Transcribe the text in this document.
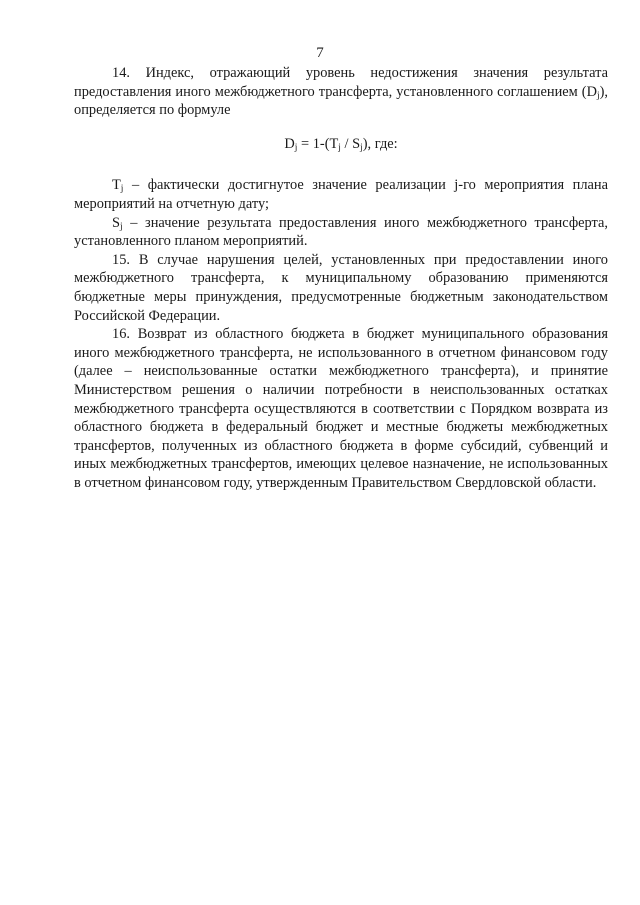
7

14. Индекс, отражающий уровень недостижения значения результата предоставления иного межбюджетного трансферта, установленного соглашением $(D_j)$, определяется по формуле

$D_j = 1-(T_j / S_j)$, где:

$T_j$ – фактически достигнутое значение реализации j-го мероприятия плана мероприятий на отчетную дату;

$S_j$ – значение результата предоставления иного межбюджетного трансферта, установленного планом мероприятий.

15. В случае нарушения целей, установленных при предоставлении иного межбюджетного трансферта, к муниципальному образованию применяются бюджетные меры принуждения, предусмотренные бюджетным законодательством Российской Федерации.

16. Возврат из областного бюджета в бюджет муниципального образования иного межбюджетного трансферта, не использованного в отчетном финансовом году (далее – неиспользованные остатки межбюджетного трансферта), и принятие Министерством решения о наличии потребности в неиспользованных остатках межбюджетного трансферта осуществляются в соответствии с Порядком возврата из областного бюджета в федеральный бюджет и местные бюджеты межбюджетных трансфертов, полученных из областного бюджета в форме субсидий, субвенций и иных межбюджетных трансфертов, имеющих целевое назначение, не использованных в отчетном финансовом году, утвержденным Правительством Свердловской области.
